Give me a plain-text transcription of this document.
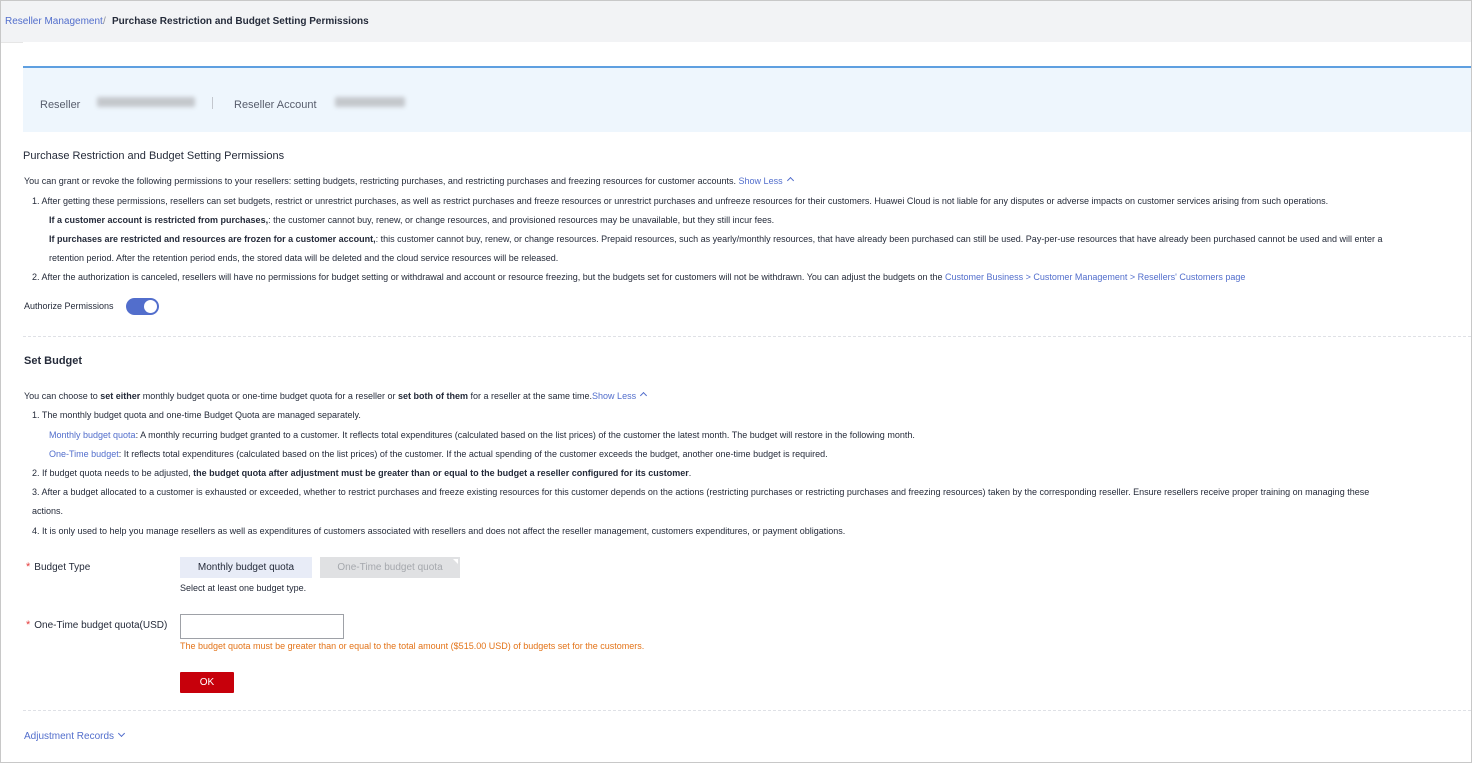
Reseller Management / Purchase Restriction and Budget Setting Permissions
Reseller	Reseller Account
Purchase Restriction and Budget Setting Permissions
You can grant or revoke the following permissions to your resellers: setting budgets, restricting purchases, and restricting purchases and freezing resources for customer accounts. Show Less
1. After getting these permissions, resellers can set budgets, restrict or unrestrict purchases, as well as restrict purchases and freeze resources or unrestrict purchases and unfreeze resources for their customers. Huawei Cloud is not liable for any disputes or adverse impacts on customer services arising from such operations.
If a customer account is restricted from purchases,: the customer cannot buy, renew, or change resources, and provisioned resources may be unavailable, but they still incur fees.
If purchases are restricted and resources are frozen for a customer account,: this customer cannot buy, renew, or change resources. Prepaid resources, such as yearly/monthly resources, that have already been purchased can still be used. Pay-per-use resources that have already been purchased cannot be used and will enter a
retention period. After the retention period ends, the stored data will be deleted and the cloud service resources will be released.
2. After the authorization is canceled, resellers will have no permissions for budget setting or withdrawal and account or resource freezing, but the budgets set for customers will not be withdrawn. You can adjust the budgets on the Customer Business > Customer Management > Resellers' Customers page
Authorize Permissions
Set Budget
You can choose to set either monthly budget quota or one-time budget quota for a reseller or set both of them for a reseller at the same time.Show Less
1. The monthly budget quota and one-time Budget Quota are managed separately.
Monthly budget quota: A monthly recurring budget granted to a customer. It reflects total expenditures (calculated based on the list prices) of the customer the latest month. The budget will restore in the following month.
One-Time budget: It reflects total expenditures (calculated based on the list prices) of the customer. If the actual spending of the customer exceeds the budget, another one-time budget is required.
2. If budget quota needs to be adjusted, the budget quota after adjustment must be greater than or equal to the budget a reseller configured for its customer.
3. After a budget allocated to a customer is exhausted or exceeded, whether to restrict purchases and freeze existing resources for this customer depends on the actions (restricting purchases or restricting purchases and freezing resources) taken by the corresponding reseller. Ensure resellers receive proper training on managing these
actions.
4. It is only used to help you manage resellers as well as expenditures of customers associated with resellers and does not affect the reseller management, customers expenditures, or payment obligations.
* Budget Type	Monthly budget quota	One-Time budget quota
Select at least one budget type.
* One-Time budget quota(USD)
The budget quota must be greater than or equal to the total amount ($515.00 USD) of budgets set for the customers.
OK
Adjustment Records
